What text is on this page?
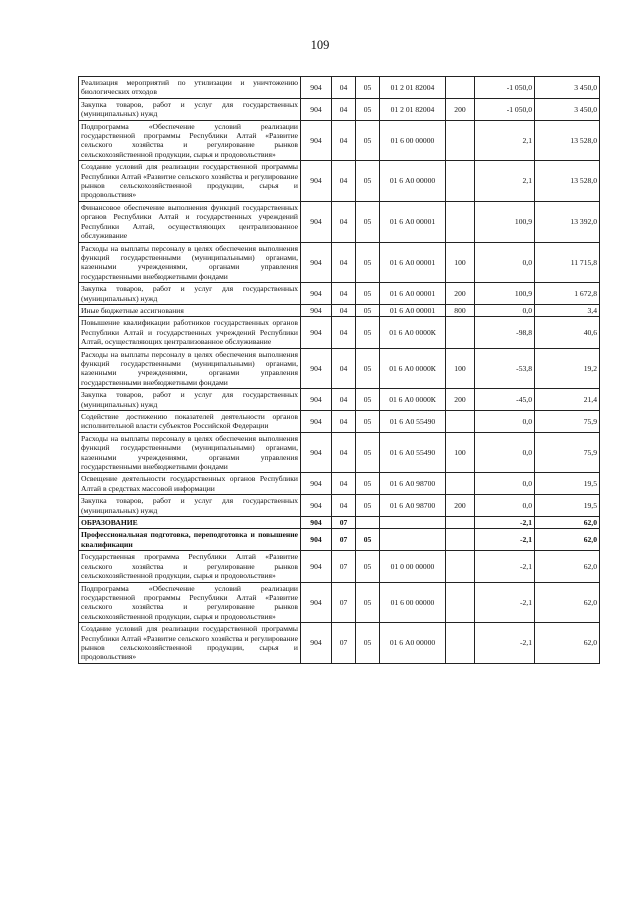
109
Реализация мероприятий по утилизации и уничтожению биологических отходов	904	04	05	01 2 01 82004		-1 050,0	3 450,0
Закупка товаров, работ и услуг для государственных (муниципальных) нужд	904	04	05	01 2 01 82004	200	-1 050,0	3 450,0
Подпрограмма «Обеспечение условий реализации государственной программы Республики Алтай «Развитие сельского хозяйства и регулирование рынков сельскохозяйственной продукции, сырья и продовольствия»	904	04	05	01 6 00 00000		2,1	13 528,0
Создание условий для реализации государственной программы Республики Алтай «Развитие сельского хозяйства и регулирование рынков сельскохозяйственной продукции, сырья и продовольствия»	904	04	05	01 6 А0 00000		2,1	13 528,0
Финансовое обеспечение выполнения функций государственных органов Республики Алтай и государственных учреждений Республики Алтай, осуществляющих централизованное обслуживание	904	04	05	01 6 А0 00001		100,9	13 392,0
Расходы на выплаты персоналу в целях обеспечения выполнения функций государственными (муниципальными) органами, казенными учреждениями, органами управления государственными внебюджетными фондами	904	04	05	01 6 А0 00001	100	0,0	11 715,8
Закупка товаров, работ и услуг для государственных (муниципальных) нужд	904	04	05	01 6 А0 00001	200	100,9	1 672,8
Иные бюджетные ассигнования	904	04	05	01 6 А0 00001	800	0,0	3,4
Повышение квалификации работников государственных органов Республики Алтай и государственных учреждений Республики Алтай, осуществляющих централизованное обслуживание	904	04	05	01 6 А0 0000К		-98,8	40,6
Расходы на выплаты персоналу в целях обеспечения выполнения функций государственными (муниципальными) органами, казенными учреждениями, органами управления государственными внебюджетными фондами	904	04	05	01 6 А0 0000К	100	-53,8	19,2
Закупка товаров, работ и услуг для государственных (муниципальных) нужд	904	04	05	01 6 А0 0000К	200	-45,0	21,4
Содействие достижению показателей деятельности органов исполнительной власти субъектов Российской Федерации	904	04	05	01 6 А0 55490		0,0	75,9
Расходы на выплаты персоналу в целях обеспечения выполнения функций государственными (муниципальными) органами, казенными учреждениями, органами управления государственными внебюджетными фондами	904	04	05	01 6 А0 55490	100	0,0	75,9
Освещение деятельности государственных органов Республики Алтай в средствах массовой информации	904	04	05	01 6 А0 98700		0,0	19,5
Закупка товаров, работ и услуг для государственных (муниципальных) нужд	904	04	05	01 6 А0 98700	200	0,0	19,5
ОБРАЗОВАНИЕ	904	07				-2,1	62,0
Профессиональная подготовка, переподготовка и повышение квалификации	904	07	05			-2,1	62,0
Государственная программа Республики Алтай «Развитие сельского хозяйства и регулирование рынков сельскохозяйственной продукции, сырья и продовольствия»	904	07	05	01 0 00 00000		-2,1	62,0
Подпрограмма «Обеспечение условий реализации государственной программы Республики Алтай «Развитие сельского хозяйства и регулирование рынков сельскохозяйственной продукции, сырья и продовольствия»	904	07	05	01 6 00 00000		-2,1	62,0
Создание условий для реализации государственной программы Республики Алтай «Развитие сельского хозяйства и регулирование рынков сельскохозяйственной продукции, сырья и продовольствия»	904	07	05	01 6 А0 00000		-2,1	62,0
